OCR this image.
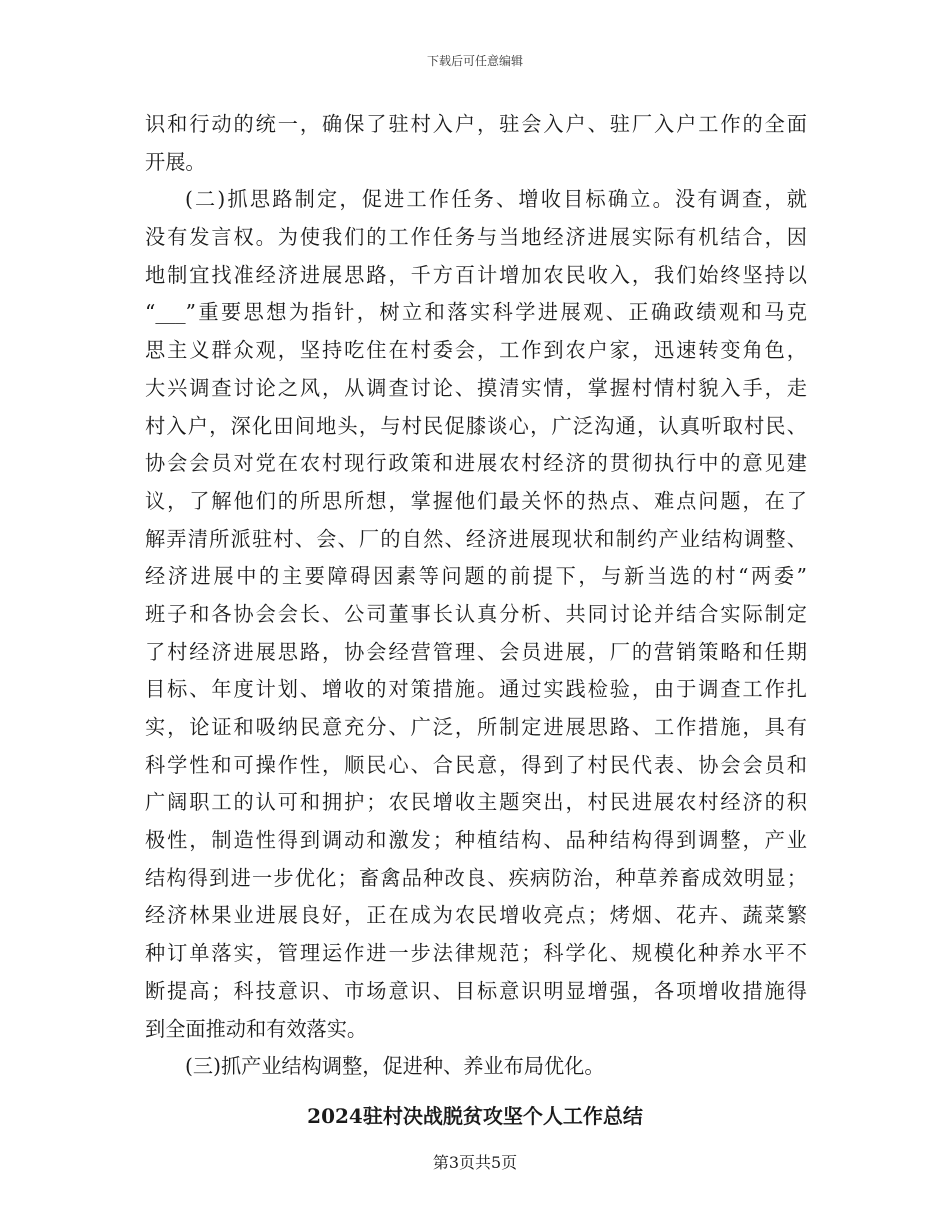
下载后可任意编辑
识和行动的统一，确保了驻村入户，驻会入户、驻厂入户工作的全面
开展。
(二)抓思路制定，促进工作任务、增收目标确立。没有调查，就
没有发言权。为使我们的工作任务与当地经济进展实际有机结合，因
地制宜找准经济进展思路，千方百计增加农民收入，我们始终坚持以
“___”重要思想为指针，树立和落实科学进展观、正确政绩观和马克
思主义群众观，坚持吃住在村委会，工作到农户家，迅速转变角色，
大兴调查讨论之风，从调查讨论、摸清实情，掌握村情村貌入手，走
村入户，深化田间地头，与村民促膝谈心，广泛沟通，认真听取村民、
协会会员对党在农村现行政策和进展农村经济的贯彻执行中的意见建
议，了解他们的所思所想，掌握他们最关怀的热点、难点问题，在了
解弄清所派驻村、会、厂的自然、经济进展现状和制约产业结构调整、
经济进展中的主要障碍因素等问题的前提下，与新当选的村“两委”
班子和各协会会长、公司董事长认真分析、共同讨论并结合实际制定
了村经济进展思路，协会经营管理、会员进展，厂的营销策略和任期
目标、年度计划、增收的对策措施。通过实践检验，由于调查工作扎
实，论证和吸纳民意充分、广泛，所制定进展思路、工作措施，具有
科学性和可操作性，顺民心、合民意，得到了村民代表、协会会员和
广阔职工的认可和拥护；农民增收主题突出，村民进展农村经济的积
极性，制造性得到调动和激发；种植结构、品种结构得到调整，产业
结构得到进一步优化；畜禽品种改良、疾病防治，种草养畜成效明显；
经济林果业进展良好，正在成为农民增收亮点；烤烟、花卉、蔬菜繁
种订单落实，管理运作进一步法律规范；科学化、规模化种养水平不
断提高；科技意识、市场意识、目标意识明显增强，各项增收措施得
到全面推动和有效落实。
(三)抓产业结构调整，促进种、养业布局优化。
2024驻村决战脱贫攻坚个人工作总结
第3页共5页
